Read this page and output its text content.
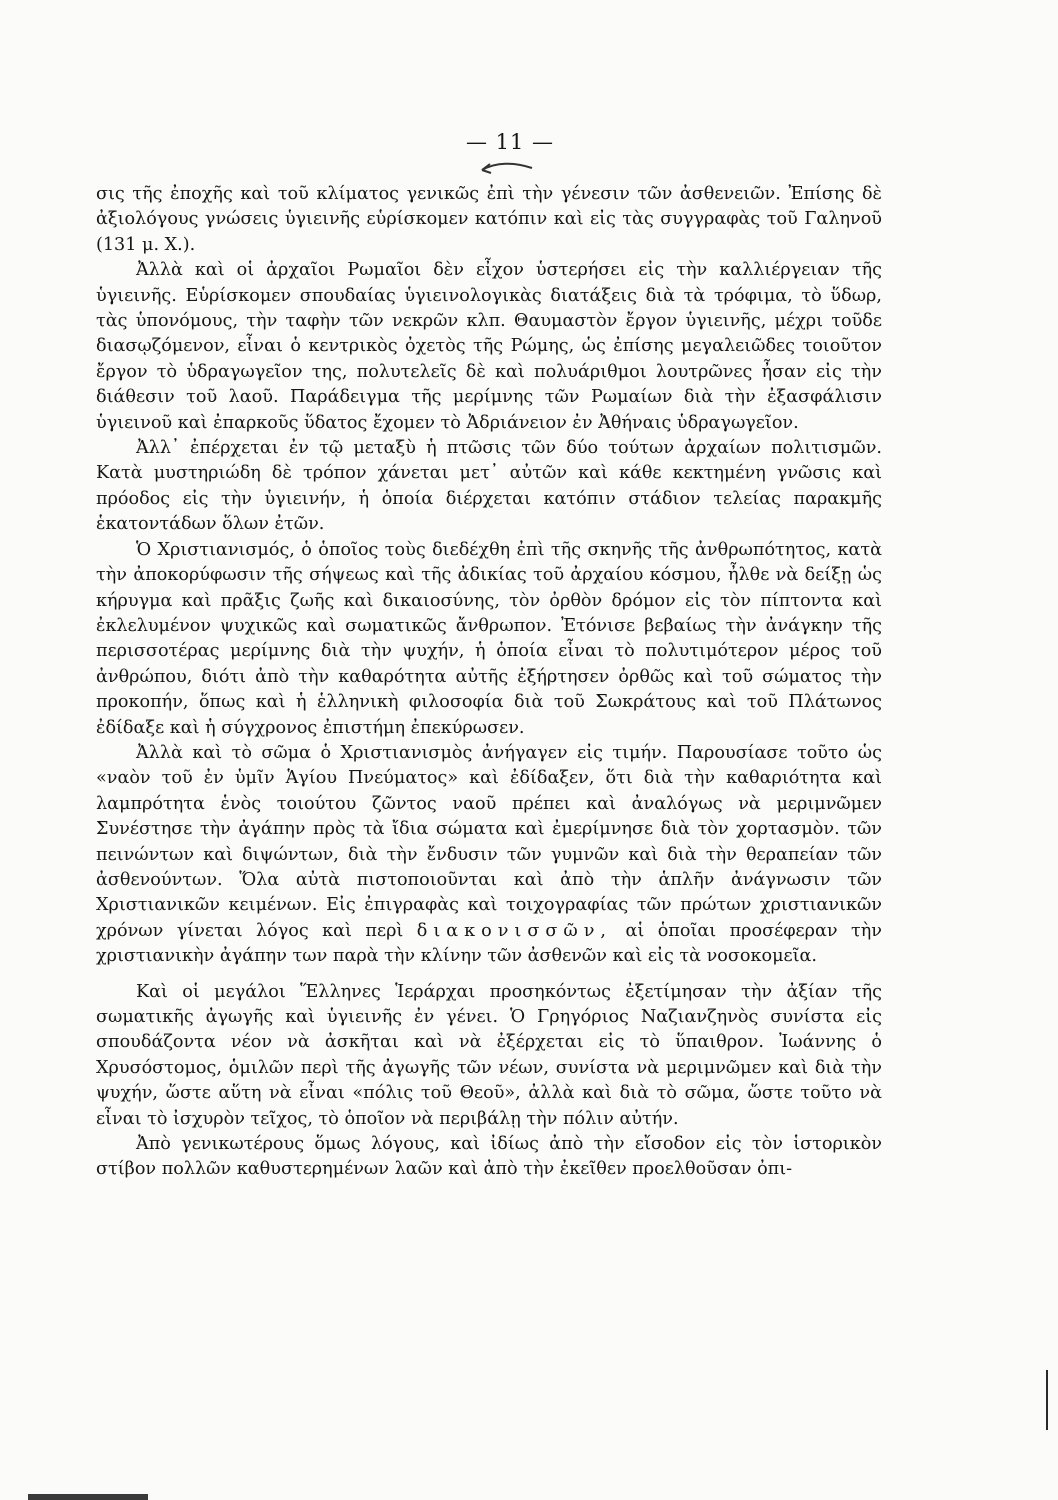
— 11 —

σις τῆς ἐποχῆς καὶ τοῦ κλίματος γενικῶς ἐπὶ τὴν γένεσιν τῶν ἀσθενειῶν. Ἐπίσης δὲ ἀξιολόγους γνώσεις ὑγιεινῆς εὑρίσκομεν κατόπιν καὶ εἰς τὰς συγγραφὰς τοῦ Γαληνοῦ (131 μ. Χ.).

Ἀλλὰ καὶ οἱ ἀρχαῖοι Ρωμαῖοι δὲν εἶχον ὑστερήσει εἰς τὴν καλλιέργειαν τῆς ὑγιεινῆς. Εὑρίσκομεν σπουδαίας ὑγιεινολογικὰς διατάξεις διὰ τὰ τρόφιμα, τὸ ὕδωρ, τὰς ὑπονόμους, τὴν ταφὴν τῶν νεκρῶν κλπ. Θαυμαστὸν ἔργον ὑγιεινῆς, μέχρι τοῦδε διασῳζόμενον, εἶναι ὁ κεντρικὸς ὀχετὸς τῆς Ρώμης, ὡς ἐπίσης μεγαλειῶδες τοιοῦτον ἔργον τὸ ὑδραγωγεῖον της, πολυτελεῖς δὲ καὶ πολυάριθμοι λουτρῶνες ἦσαν εἰς τὴν διάθεσιν τοῦ λαοῦ. Παράδειγμα τῆς μερίμνης τῶν Ρωμαίων διὰ τὴν ἐξασφάλισιν ὑγιεινοῦ καὶ ἐπαρκοῦς ὕδατος ἔχομεν τὸ Ἀδριάνειον ἐν Ἀθήναις ὑδραγωγεῖον.

Ἀλλ᾽ ἐπέρχεται ἐν τῷ μεταξὺ ἡ πτῶσις τῶν δύο τούτων ἀρχαίων πολιτισμῶν. Κατὰ μυστηριώδη δὲ τρόπον χάνεται μετ᾽ αὐτῶν καὶ κάθε κεκτημένη γνῶσις καὶ πρόοδος εἰς τὴν ὑγιεινήν, ἡ ὁποία διέρχεται κατόπιν στάδιον τελείας παρακμῆς ἑκατοντάδων ὅλων ἐτῶν.

Ὁ Χριστιανισμός, ὁ ὁποῖος τοὺς διεδέχθη ἐπὶ τῆς σκηνῆς τῆς ἀνθρωπότητος, κατὰ τὴν ἀποκορύφωσιν τῆς σήψεως καὶ τῆς ἀδικίας τοῦ ἀρχαίου κόσμου, ἦλθε νὰ δείξῃ ὡς κήρυγμα καὶ πρᾶξις ζωῆς καὶ δικαιοσύνης, τὸν ὀρθὸν δρόμον εἰς τὸν πίπτοντα καὶ ἐκλελυμένον ψυχικῶς καὶ σωματικῶς ἄνθρωπον. Ἐτόνισε βεβαίως τὴν ἀνάγκην τῆς περισσοτέρας μερίμνης διὰ τὴν ψυχήν, ἡ ὁποία εἶναι τὸ πολυτιμότερον μέρος τοῦ ἀνθρώπου, διότι ἀπὸ τὴν καθαρότητα αὐτῆς ἐξήρτησεν ὀρθῶς καὶ τοῦ σώματος τὴν προκοπήν, ὅπως καὶ ἡ ἑλληνικὴ φιλοσοφία διὰ τοῦ Σωκράτους καὶ τοῦ Πλάτωνος ἐδίδαξε καὶ ἡ σύγχρονος ἐπιστήμη ἐπεκύρωσεν.

Ἀλλὰ καὶ τὸ σῶμα ὁ Χριστιανισμὸς ἀνήγαγεν εἰς τιμήν. Παρουσίασε τοῦτο ὡς «ναὸν τοῦ ἐν ὑμῖν Ἁγίου Πνεύματος» καὶ ἐδίδαξεν, ὅτι διὰ τὴν καθαριότητα καὶ λαμπρότητα ἑνὸς τοιούτου ζῶντος ναοῦ πρέπει καὶ ἀναλόγως νὰ μεριμνῶμεν Συνέστησε τὴν ἀγάπην πρὸς τὰ ἴδια σώματα καὶ ἐμερίμνησε διὰ τὸν χορτασμὸν. τῶν πεινώντων καὶ διψώντων, διὰ τὴν ἔνδυσιν τῶν γυμνῶν καὶ διὰ τὴν θεραπείαν τῶν ἀσθενούντων. Ὅλα αὐτὰ πιστοποιοῦνται καὶ ἀπὸ τὴν ἁπλῆν ἀνάγνωσιν τῶν Χριστιανικῶν κειμένων. Εἰς ἐπιγραφὰς καὶ τοιχογραφίας τῶν πρώτων χριστιανικῶν χρόνων γίνεται λόγος καὶ περὶ διακονισσῶν, αἱ ὁποῖαι προσέφεραν τὴν χριστιανικὴν ἀγάπην των παρὰ τὴν κλίνην τῶν ἀσθενῶν καὶ εἰς τὰ νοσοκομεῖα.

Καὶ οἱ μεγάλοι Ἕλληνες Ἱεράρχαι προσηκόντως ἐξετίμησαν τὴν ἀξίαν τῆς σωματικῆς ἀγωγῆς καὶ ὑγιεινῆς ἐν γένει. Ὁ Γρηγόριος Ναζιανζηνὸς συνίστα εἰς σπουδάζοντα νέον νὰ ἀσκῆται καὶ νὰ ἐξέρχεται εἰς τὸ ὕπαιθρον. Ἰωάννης ὁ Χρυσόστομος, ὁμιλῶν περὶ τῆς ἀγωγῆς τῶν νέων, συνίστα νὰ μεριμνῶμεν καὶ διὰ τὴν ψυχήν, ὥστε αὕτη νὰ εἶναι «πόλις τοῦ Θεοῦ», ἀλλὰ καὶ διὰ τὸ σῶμα, ὥστε τοῦτο νὰ εἶναι τὸ ἰσχυρὸν τεῖχος, τὸ ὁποῖον νὰ περιβάλῃ τὴν πόλιν αὐτήν.

Ἀπὸ γενικωτέρους ὅμως λόγους, καὶ ἰδίως ἀπὸ τὴν εἴσοδον εἰς τὸν ἱστορικὸν στίβον πολλῶν καθυστερημένων λαῶν καὶ ἀπὸ τὴν ἐκεῖθεν προελθοῦσαν ὀπι-
